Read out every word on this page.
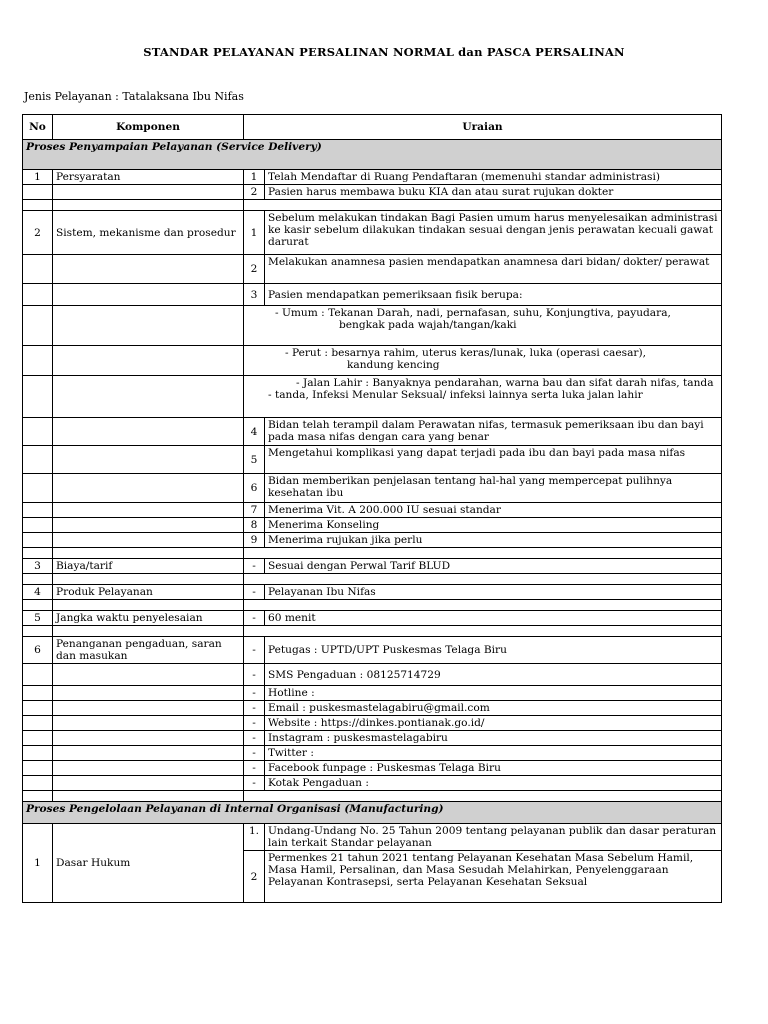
STANDAR PELAYANAN PERSALINAN NORMAL dan PASCA PERSALINAN
Jenis Pelayanan : Tatalaksana Ibu Nifas
No	Komponen	Uraian	
Proses Penyampaian Pelayanan (Service Delivery)			
1	Persyaratan	1	Telah Mendaftar di Ruang Pendaftaran (memenuhi standar administrasi)
		2	Pasien harus membawa buku KIA dan atau surat rujukan dokter

2	Sistem, mekanisme dan prosedur	1	Sebelum melakukan tindakan Bagi Pasien umum harus menyelesaikan administrasi ke kasir sebelum dilakukan tindakan sesuai dengan jenis perawatan kecuali gawat darurat
		2	Melakukan anamnesa pasien mendapatkan anamnesa dari bidan/ dokter/ perawat
		3	Pasien mendapatkan pemeriksaan fisik berupa:

		- Umum : Tekanan Darah, nadi, pernafasan, suhu, Konjungtiva, payudara,
bengkak pada wajah/tangan/kaki	

		- Perut : besarnya rahim, uterus keras/lunak, luka (operasi caesar),
kandung kencing	

		- Jalan Lahir : Banyaknya pendarahan, warna bau dan sifat darah nifas, tanda - tanda, Infeksi Menular Seksual/ infeksi lainnya serta luka jalan lahir	

		4	Bidan telah terampil dalam Perawatan nifas, termasuk pemeriksaan ibu dan bayi pada masa nifas dengan cara yang benar
		5	Mengetahui komplikasi yang dapat terjadi pada ibu dan bayi pada masa nifas
		6	Bidan memberikan penjelasan tentang hal-hal yang mempercepat pulihnya kesehatan ibu
		7	Menerima Vit. A 200.000 IU sesuai standar
		8	Menerima Konseling
		9	Menerima rujukan jika perlu

3	Biaya/tarif	-	Sesuai dengan Perwal Tarif BLUD

4	Produk Pelayanan	-	Pelayanan Ibu Nifas

5	Jangka waktu penyelesaian	-	60 menit

6	Penanganan pengaduan, saran dan masukan	-	Petugas : UPTD/UPT Puskesmas Telaga Biru
		-	SMS Pengaduan : 08125714729
		-	Hotline :
		-	Email : puskesmastelagabiru@gmail.com
		-	Website : https://dinkes.pontianak.go.id/
		-	Instagram : puskesmastelagabiru
		-	Twitter :
		-	Facebook funpage : Puskesmas Telaga Biru
		-	Kotak Pengaduan :

Proses Pengelolaan Pelayanan di Internal Organisasi (Manufacturing)			
1	Dasar Hukum	1.	Undang-Undang No. 25 Tahun 2009 tentang pelayanan publik dan dasar peraturan lain terkait Standar pelayanan
		2	Permenkes 21 tahun 2021 tentang Pelayanan Kesehatan Masa Sebelum Hamil, Masa Hamil, Persalinan, dan Masa Sesudah Melahirkan, Penyelenggaraan Pelayanan Kontrasepsi, serta Pelayanan Kesehatan Seksual
